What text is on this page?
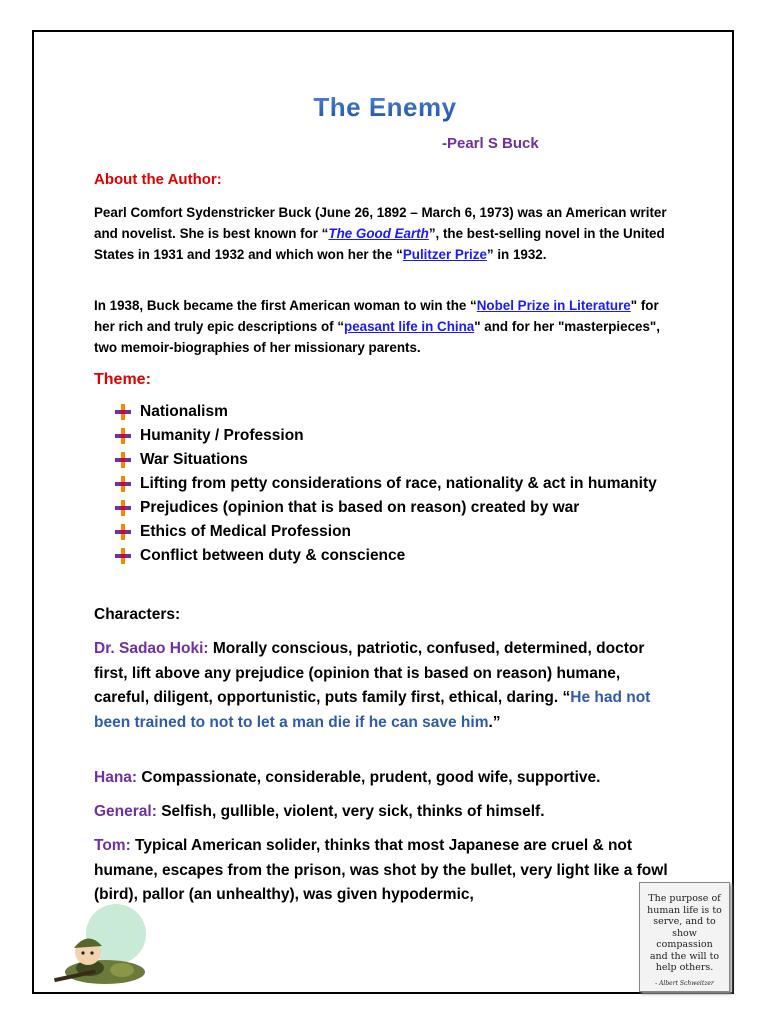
The Enemy
-Pearl S Buck
About the Author:

Pearl Comfort Sydenstricker Buck (June 26, 1892 – March 6, 1973) was an American writer and novelist. She is best known for “The Good Earth”, the best-selling novel in the United States in 1931 and 1932 and which won her the “Pulitzer Prize” in 1932.

In 1938, Buck became the first American woman to win the “Nobel Prize in Literature" for her rich and truly epic descriptions of “peasant life in China" and for her "masterpieces", two memoir-biographies of her missionary parents.

Theme:
Nationalism
Humanity / Profession
War Situations
Lifting from petty considerations of race, nationality & act in humanity
Prejudices (opinion that is based on reason) created by war
Ethics of Medical Profession
Conflict between duty & conscience
Characters:

Dr. Sadao Hoki: Morally conscious, patriotic, confused, determined, doctor first, lift above any prejudice (opinion that is based on reason) humane, careful, diligent, opportunistic, puts family first, ethical, daring. “He had not been trained to not to let a man die if he can save him.”

Hana: Compassionate, considerable, prudent, good wife, supportive.

General: Selfish, gullible, violent, very sick, thinks of himself.

Tom: Typical American solider, thinks that most Japanese are cruel & not humane, escapes from the prison, was shot by the bullet, very light like a fowl (bird), pallor (an unhealthy), was given hypodermic,	The purpose of human life is to serve, and to show compassion and the will to help others.
- Albert Schweitzer
